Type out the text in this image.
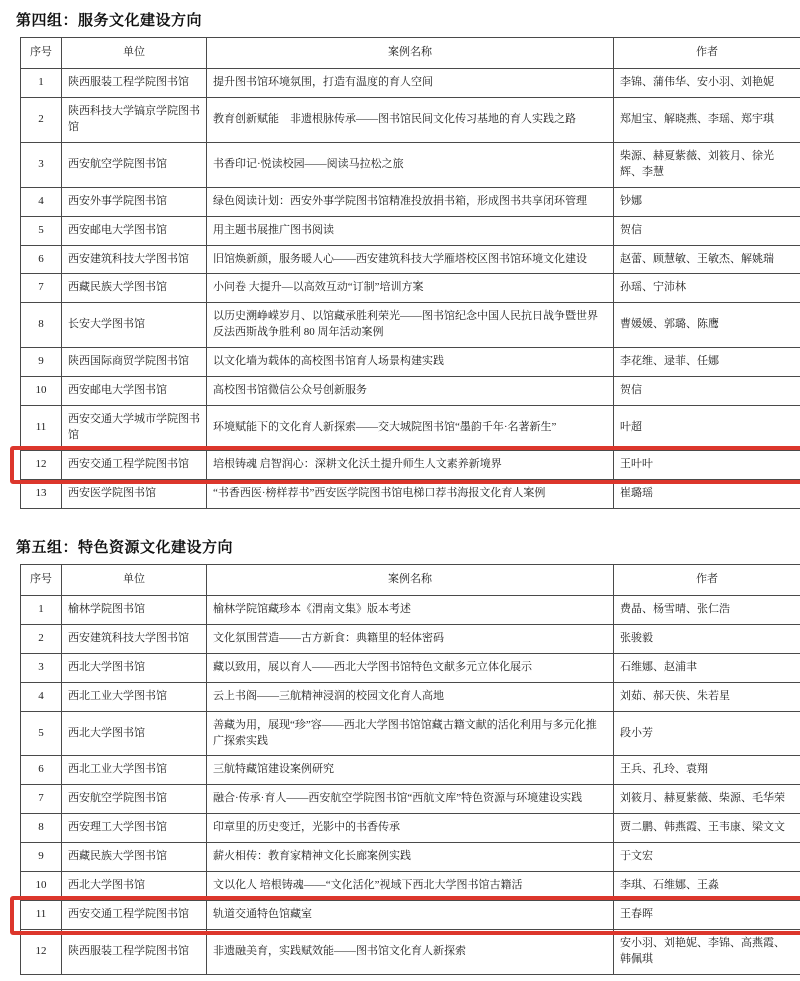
第四组：服务文化建设方向
序号	单位	案例名称	作者
1	陕西服装工程学院图书馆	提升图书馆环境氛围，打造有温度的育人空间	李锦、蒲伟华、安小羽、刘艳妮
2	陕西科技大学镐京学院图书馆	教育创新赋能　非遗根脉传承——图书馆民间文化传习基地的育人实践之路	郑旭宝、解晓燕、李瑶、郑宇琪
3	西安航空学院图书馆	书香印记·悦读校园——阅读马拉松之旅	柴源、赫夏紫薇、刘筱月、徐光辉、李慧
4	西安外事学院图书馆	绿色阅读计划：西安外事学院图书馆精准投放捐书箱，形成图书共享闭环管理	钞娜
5	西安邮电大学图书馆	用主题书展推广图书阅读	贺信
6	西安建筑科技大学图书馆	旧馆焕新颜，服务暖人心——西安建筑科技大学雁塔校区图书馆环境文化建设	赵蕾、顾慧敏、王敏杰、解姚瑞
7	西藏民族大学图书馆	小问卷 大提升—以高效互动“订制”培训方案	孙瑶、宁沛林
8	长安大学图书馆	以历史溯峥嵘岁月、以馆藏承胜利荣光——图书馆纪念中国人民抗日战争暨世界反法西斯战争胜利 80 周年活动案例	曹媛媛、郭璐、陈鹰
9	陕西国际商贸学院图书馆	以文化墙为载体的高校图书馆育人场景构建实践	李花维、逯菲、任娜
10	西安邮电大学图书馆	高校图书馆微信公众号创新服务	贺信
11	西安交通大学城市学院图书馆	环境赋能下的文化育人新探索——交大城院图书馆“墨韵千年·名著新生”	叶超
12	西安交通工程学院图书馆	培根铸魂 启智润心：深耕文化沃土提升师生人文素养新境界	王叶叶
13	西安医学院图书馆	“书香西医·榜样荐书”西安医学院图书馆电梯口荐书海报文化育人案例	崔璐瑶
第五组：特色资源文化建设方向
序号	单位	案例名称	作者
1	榆林学院图书馆	榆林学院馆藏珍本《渭南文集》版本考述	费晶、杨雪晴、张仁浩
2	西安建筑科技大学图书馆	文化氛围营造——古方新食：典籍里的轻体密码	张骏毅
3	西北大学图书馆	藏以致用，展以育人——西北大学图书馆特色文献多元立体化展示	石维娜、赵浦聿
4	西北工业大学图书馆	云上书阁——三航精神浸润的校园文化育人高地	刘茹、郝天侠、朱若星
5	西北大学图书馆	善藏为用，展现“珍”容——西北大学图书馆馆藏古籍文献的活化利用与多元化推广探索实践	段小芳
6	西北工业大学图书馆	三航特藏馆建设案例研究	王兵、孔玲、袁翔
7	西安航空学院图书馆	融合·传承·育人——西安航空学院图书馆“西航文库”特色资源与环境建设实践	刘筱月、赫夏紫薇、柴源、毛华荣
8	西安理工大学图书馆	印章里的历史变迁，光影中的书香传承	贾二鹏、韩燕霞、王韦康、梁文文
9	西藏民族大学图书馆	薪火相传：教育家精神文化长廊案例实践	于文宏
10	西北大学图书馆	文以化人 培根铸魂——“文化活化”视域下西北大学图书馆古籍活	李琪、石维娜、王淼
11	西安交通工程学院图书馆	轨道交通特色馆藏室	王春晖
12	陕西服装工程学院图书馆	非遗融美育，实践赋效能——图书馆文化育人新探索	安小羽、刘艳妮、李锦、高燕霞、韩佩琪
